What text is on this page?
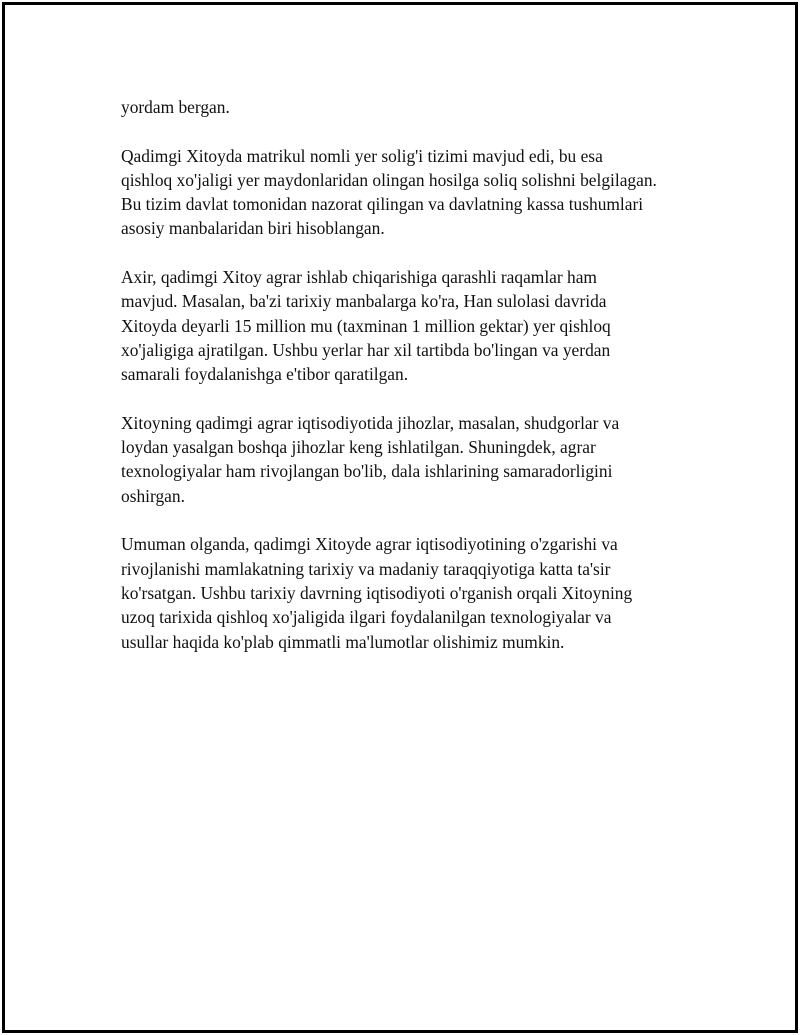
yordam bergan.

Qadimgi Xitoyda matrikul nomli yer solig'i tizimi mavjud edi, bu esa
qishloq xo'jaligi yer maydonlaridan olingan hosilga soliq solishni belgilagan.
Bu tizim davlat tomonidan nazorat qilingan va davlatning kassa tushumlari
asosiy manbalaridan biri hisoblangan.

Axir, qadimgi Xitoy agrar ishlab chiqarishiga qarashli raqamlar ham
mavjud. Masalan, ba'zi tarixiy manbalarga ko'ra, Han sulolasi davrida
Xitoyda deyarli 15 million mu (taxminan 1 million gektar) yer qishloq
xo'jaligiga ajratilgan. Ushbu yerlar har xil tartibda bo'lingan va yerdan
samarali foydalanishga e'tibor qaratilgan.

Xitoyning qadimgi agrar iqtisodiyotida jihozlar, masalan, shudgorlar va
loydan yasalgan boshqa jihozlar keng ishlatilgan. Shuningdek, agrar
texnologiyalar ham rivojlangan bo'lib, dala ishlarining samaradorligini
oshirgan.

Umuman olganda, qadimgi Xitoyde agrar iqtisodiyotining o'zgarishi va
rivojlanishi mamlakatning tarixiy va madaniy taraqqiyotiga katta ta'sir
ko'rsatgan. Ushbu tarixiy davrning iqtisodiyoti o'rganish orqali Xitoyning
uzoq tarixida qishloq xo'jaligida ilgari foydalanilgan texnologiyalar va
usullar haqida ko'plab qimmatli ma'lumotlar olishimiz mumkin.
